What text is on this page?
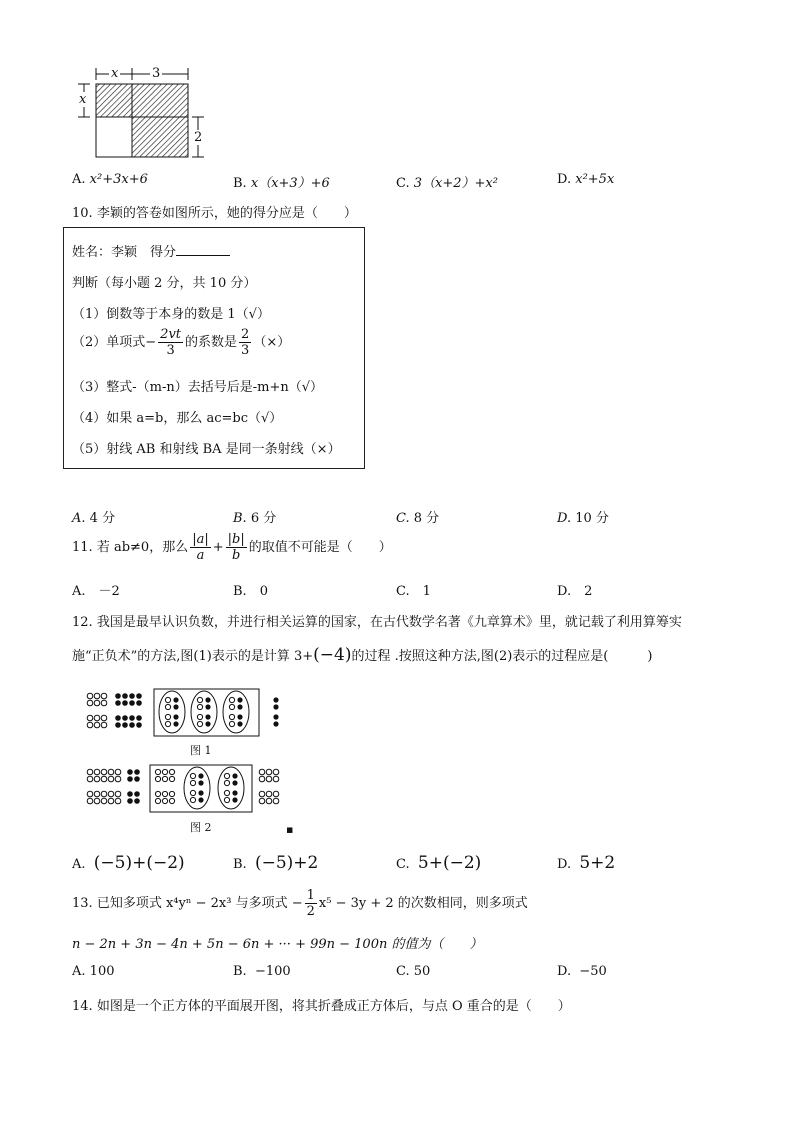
x	3
x
2
A. x²+3x+6	B. x（x+3）+6	C. 3（x+2）+x²	D. x²+5x
10. 李颖的答卷如图所示，她的得分应是（　　）
姓名：李颖　得分
判断（每小题 2 分，共 10 分）
（1）倒数等于本身的数是 1（√）
（2）单项式− $\frac{2vt}{3}$ 的系数是 $\frac{2}{3}$ （×）
（3）整式-（m-n）去括号后是-m+n（√）
（4）如果 a=b，那么 ac=bc（√）
（5）射线 AB 和射线 BA 是同一条射线（×）
A. 4 分	B. 6 分	C. 8 分	D. 10 分
11. 若 ab≠0，那么 $\frac{|a|}{a} + \frac{|b|}{b}$ 的取值不可能是（　　）
A.　 －2	B.　 0	C.　 1	D.　 2
12. 我国是最早认识负数，并进行相关运算的国家，在古代数学名著《九章算术》里，就记载了利用算筹实
施“正负术”的方法,图(1)表示的是计算 3+(−4)的过程 .按照这种方法,图(2)表示的过程应是(　　　)
图 1
图 2	▪
A. (−5)+(−2)	B. (−5)+2	C. 5+(−2)	D. 5+2
13. 已知多项式 x⁴yⁿ − 2x³ 与多项式 − $\frac{1}{2} x^5 - 3y + 2$ 的次数相同，则多项式
n − 2n + 3n − 4n + 5n − 6n + ··· + 99n − 100n 的值为（　　）
A. 100	B. −100	C. 50	D. −50
14. 如图是一个正方体的平面展开图，将其折叠成正方体后，与点 O 重合的是（　　）
